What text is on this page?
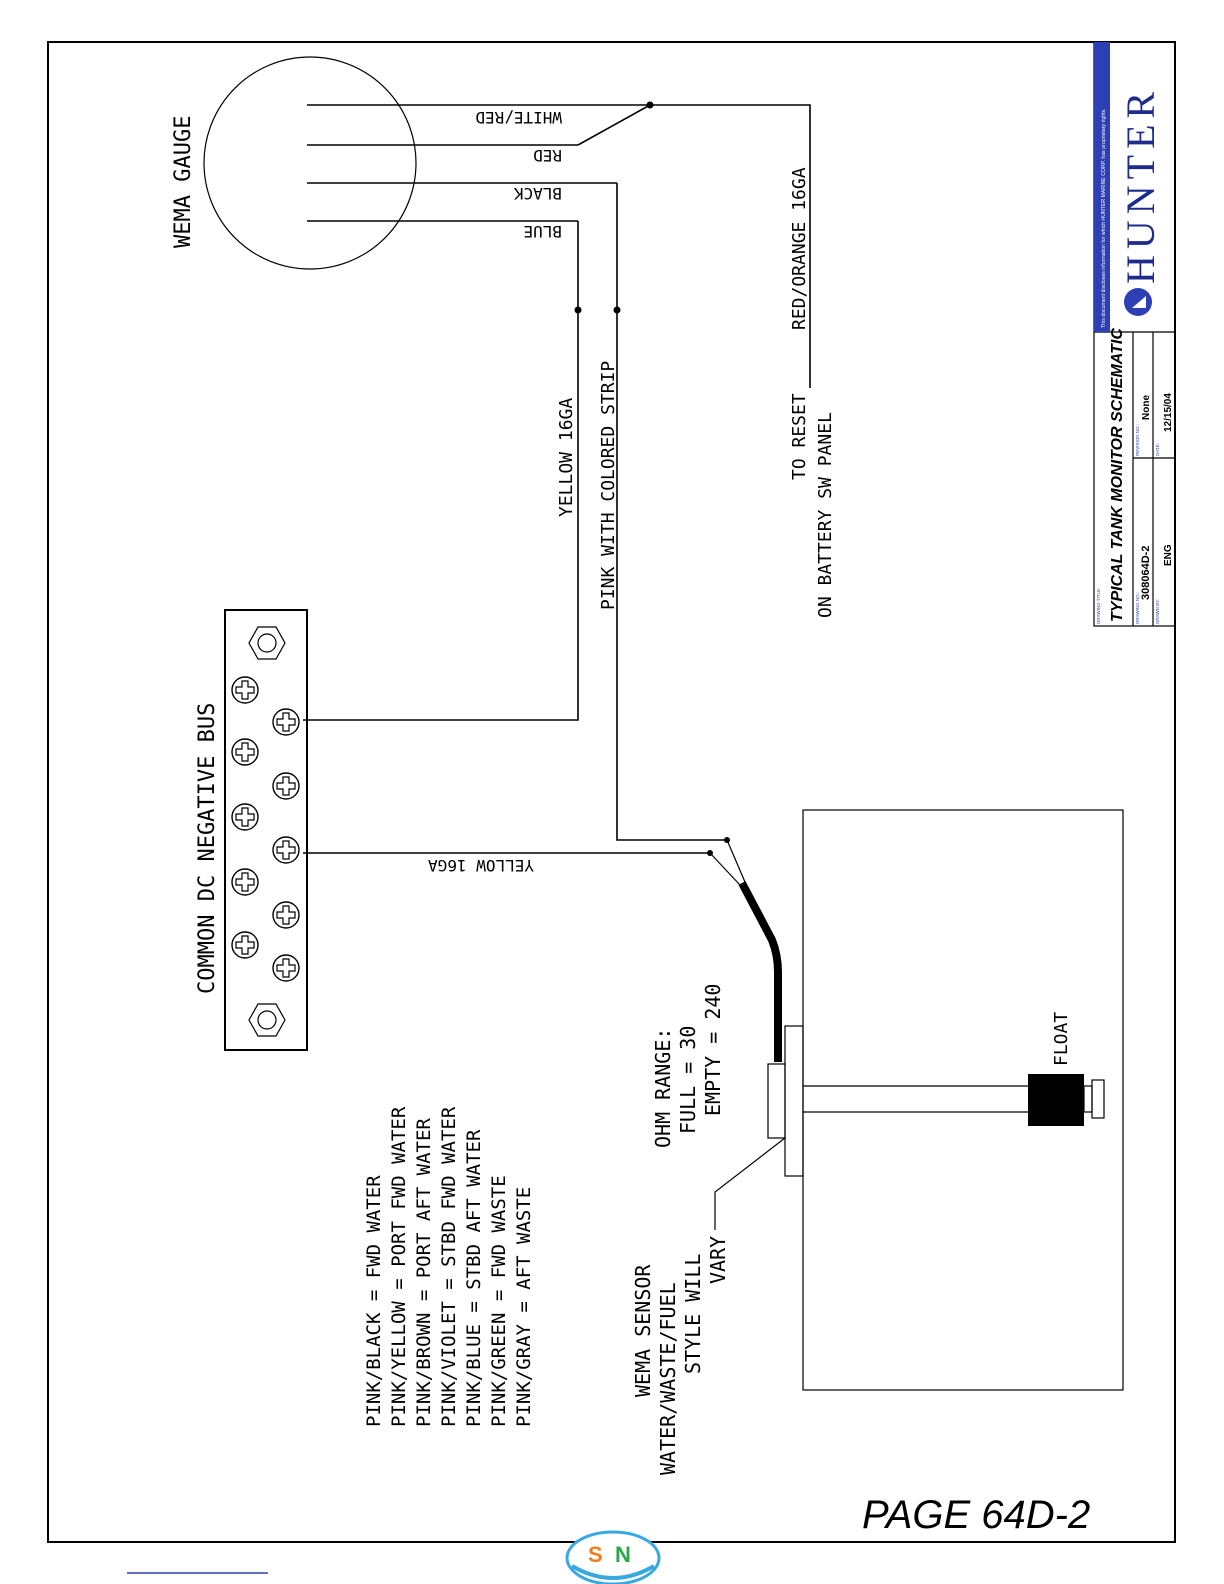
WEMA GAUGE	WHITE/RED
RED
BLACK
BLUE	RED/ORANGE 16GA
TO RESET ON BATTERY SW PANEL
YELLOW 16GA PINK WITH COLORED STRIP
YELLOW 16GA
COMMON DC NEGATIVE BUS
FLOAT
OHM RANGE: FULL = 30 EMPTY = 240
WEMA SENSOR WATER/WASTE/FUEL STYLE WILL VARY
PINK/BLACK = FWD WATER PINK/YELLOW = PORT FWD WATER PINK/BROWN = PORT AFT WATER PINK/VIOLET = STBD FWD WATER PINK/BLUE = STBD AFT WATER PINK/GREEN = FWD WASTE PINK/GRAY = AFT WASTE
This document discloses information for which HUNTER MARINE CORP. has proprietary rights. HUNTER
DRAWING TITLE: TYPICAL TANK MONITOR SCHEMATIC DRAWING NO.:
308064D-2
REVISION NO.:
None
DRAWN BY:
ENG
DATE:
12/15/04
PAGE 64D-2
S N
